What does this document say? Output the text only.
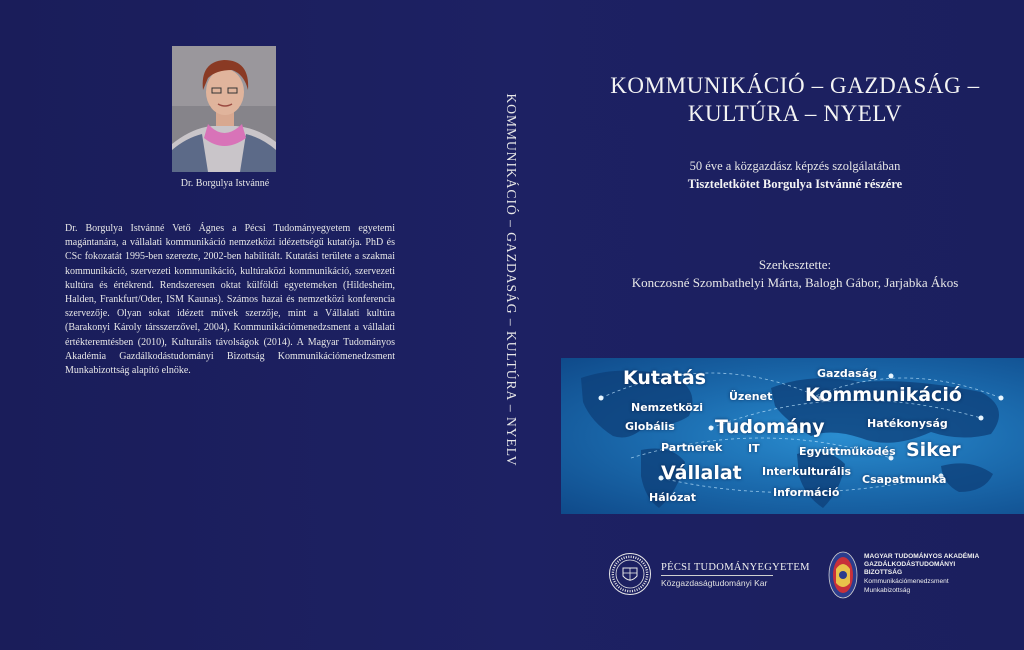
Dr. Borgulya Istvánné

Dr. Borgulya Istvánné Vető Ágnes a Pécsi Tudományegyetem egyetemi magántanára, a vállalati kommunikáció nemzetközi idézettségű kutatója. PhD és CSc fokozatát 1995-ben szerezte, 2002-ben habilitált. Kutatási területe a szakmai kommunikáció, szervezeti kommunikáció, kultúraközi kommunikáció, szervezeti kultúra és értékrend. Rendszeresen oktat külföldi egyetemeken (Hildesheim, Halden, Frankfurt/Oder, ISM Kaunas). Számos hazai és nemzetközi konferencia szervezője. Olyan sokat idézett művek szerzője, mint a Vállalati kultúra (Barakonyi Károly társszerzővel, 2004), Kommunikációmenedzsment a vállalati értékteremtésben (2010), Kulturális távolságok (2014). A Magyar Tudományos Akadémia Gazdálkodástudományi Bizottság Kommunikációmenedzsment Munkabizottság alapító elnöke.	KOMMUNIKÁCIÓ – GAZDASÁG – KULTÚRA – NYELV
KOMMUNIKÁCIÓ – GAZDASÁG –
KULTÚRA – NYELV
50 éve a közgazdász képzés szolgálatában
Tiszteletkötet Borgulya Istvánné részére
Szerkesztette:
Konczosné Szombathelyi Márta, Balogh Gábor, Jarjabka Ákos
Kutatás	Gazdaság
Üzenet Kommunikáció
Nemzetközi
Globális Tudomány	Hatékonyság
Partnerek IT	Együttműködés Siker
Vállalat Interkulturális
Csapatmunka
Hálózat	Információ
PÉCSI TUDOMÁNYEGYETEM
Közgazdaságtudományi Kar
MAGYAR TUDOMÁNYOS AKADÉMIA
GAZDÁLKODÁSTUDOMÁNYI
BIZOTTSÁG
Kommunikációmenedzsment
Munkabizottság
